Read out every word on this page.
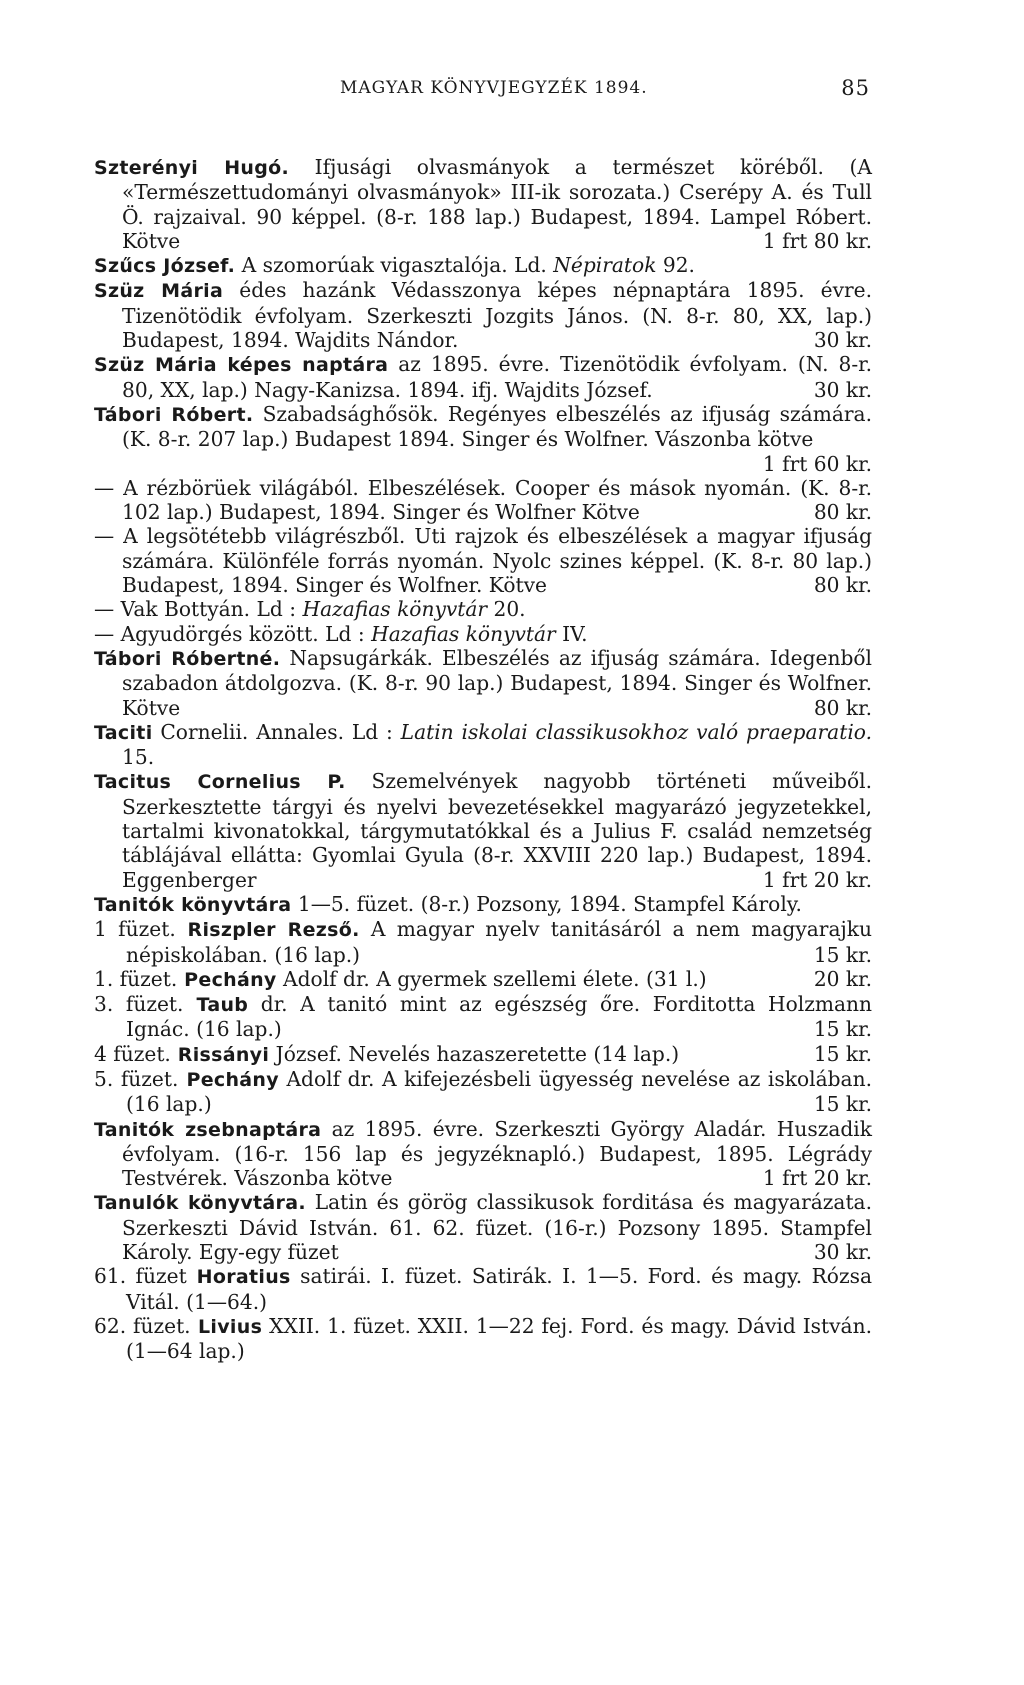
MAGYAR KÖNYVJEGYZÉK 1894.	85
Szterényi Hugó. Ifjusági olvasmányok a természet köréből. (A «Természettudományi olvasmányok» III-ik sorozata.) Cserépy A. és Tull Ö. rajzaival. 90 képpel. (8-r. 188 lap.) Budapest, 1894. Lampel Róbert. Kötve	1 frt 80 kr.
Szűcs József. A szomorúak vigasztalója. Ld. Népiratok 92.
Szüz Mária édes hazánk Védasszonya képes népnaptára 1895. évre. Tizenötödik évfolyam. Szerkeszti Jozgits János. (N. 8-r. 80, XX, lap.) Budapest, 1894. Wajdits Nándor.	30 kr.
Szüz Mária képes naptára az 1895. évre. Tizenötödik évfolyam. (N. 8-r. 80, XX, lap.) Nagy-Kanizsa. 1894. ifj. Wajdits József.	30 kr.
Tábori Róbert. Szabadsághősök. Regényes elbeszélés az ifjuság számára. (K. 8-r. 207 lap.) Budapest 1894. Singer és Wolfner. Vászonba kötve
1 frt 60 kr.
— A rézbörüek világából. Elbeszélések. Cooper és mások nyomán. (K. 8-r. 102 lap.) Budapest, 1894. Singer és Wolfner Kötve	80 kr.
— A legsötétebb világrészből. Uti rajzok és elbeszélések a magyar ifjuság számára. Különféle forrás nyomán. Nyolc szines képpel. (K. 8-r. 80 lap.) Budapest, 1894. Singer és Wolfner. Kötve	80 kr.
— Vak Bottyán. Ld : Hazafias könyvtár 20.
— Agyudörgés között. Ld : Hazafias könyvtár IV.
Tábori Róbertné. Napsugárkák. Elbeszélés az ifjuság számára. Idegenből szabadon átdolgozva. (K. 8-r. 90 lap.) Budapest, 1894. Singer és Wolfner. Kötve	80 kr.
Taciti Cornelii. Annales. Ld : Latin iskolai classikusokhoz való praeparatio. 15.
Tacitus Cornelius P. Szemelvények nagyobb történeti műveiből. Szerkesztette tárgyi és nyelvi bevezetésekkel magyarázó jegyzetekkel, tartalmi kivonatokkal, tárgymutatókkal és a Julius F. család nemzetség táblájával ellátta: Gyomlai Gyula (8-r. XXVIII 220 lap.) Budapest, 1894. Eggenberger	1 frt 20 kr.
Tanitók könyvtára 1—5. füzet. (8-r.) Pozsony, 1894. Stampfel Károly.
1 füzet. Riszpler Rezső. A magyar nyelv tanitásáról a nem magyarajku népiskolában. (16 lap.)	15 kr.
1. füzet. Pechány Adolf dr. A gyermek szellemi élete. (31 l.)	20 kr.
3. füzet. Taub dr. A tanitó mint az egészség őre. Forditotta Holzmann Ignác. (16 lap.)	15 kr.
4 füzet. Rissányi József. Nevelés hazaszeretette (14 lap.)	15 kr.
5. füzet. Pechány Adolf dr. A kifejezésbeli ügyesség nevelése az iskolában. (16 lap.)	15 kr.
Tanitók zsebnaptára az 1895. évre. Szerkeszti György Aladár. Huszadik évfolyam. (16-r. 156 lap és jegyzéknapló.) Budapest, 1895. Légrády Testvérek. Vászonba kötve	1 frt 20 kr.
Tanulók könyvtára. Latin és görög classikusok forditása és magyarázata. Szerkeszti Dávid István. 61. 62. füzet. (16-r.) Pozsony 1895. Stampfel Károly. Egy-egy füzet	30 kr.
61. füzet Horatius satirái. I. füzet. Satirák. I. 1—5. Ford. és magy. Rózsa Vitál. (1—64.)
62. füzet. Livius XXII. 1. füzet. XXII. 1—22 fej. Ford. és magy. Dávid István. (1—64 lap.)
